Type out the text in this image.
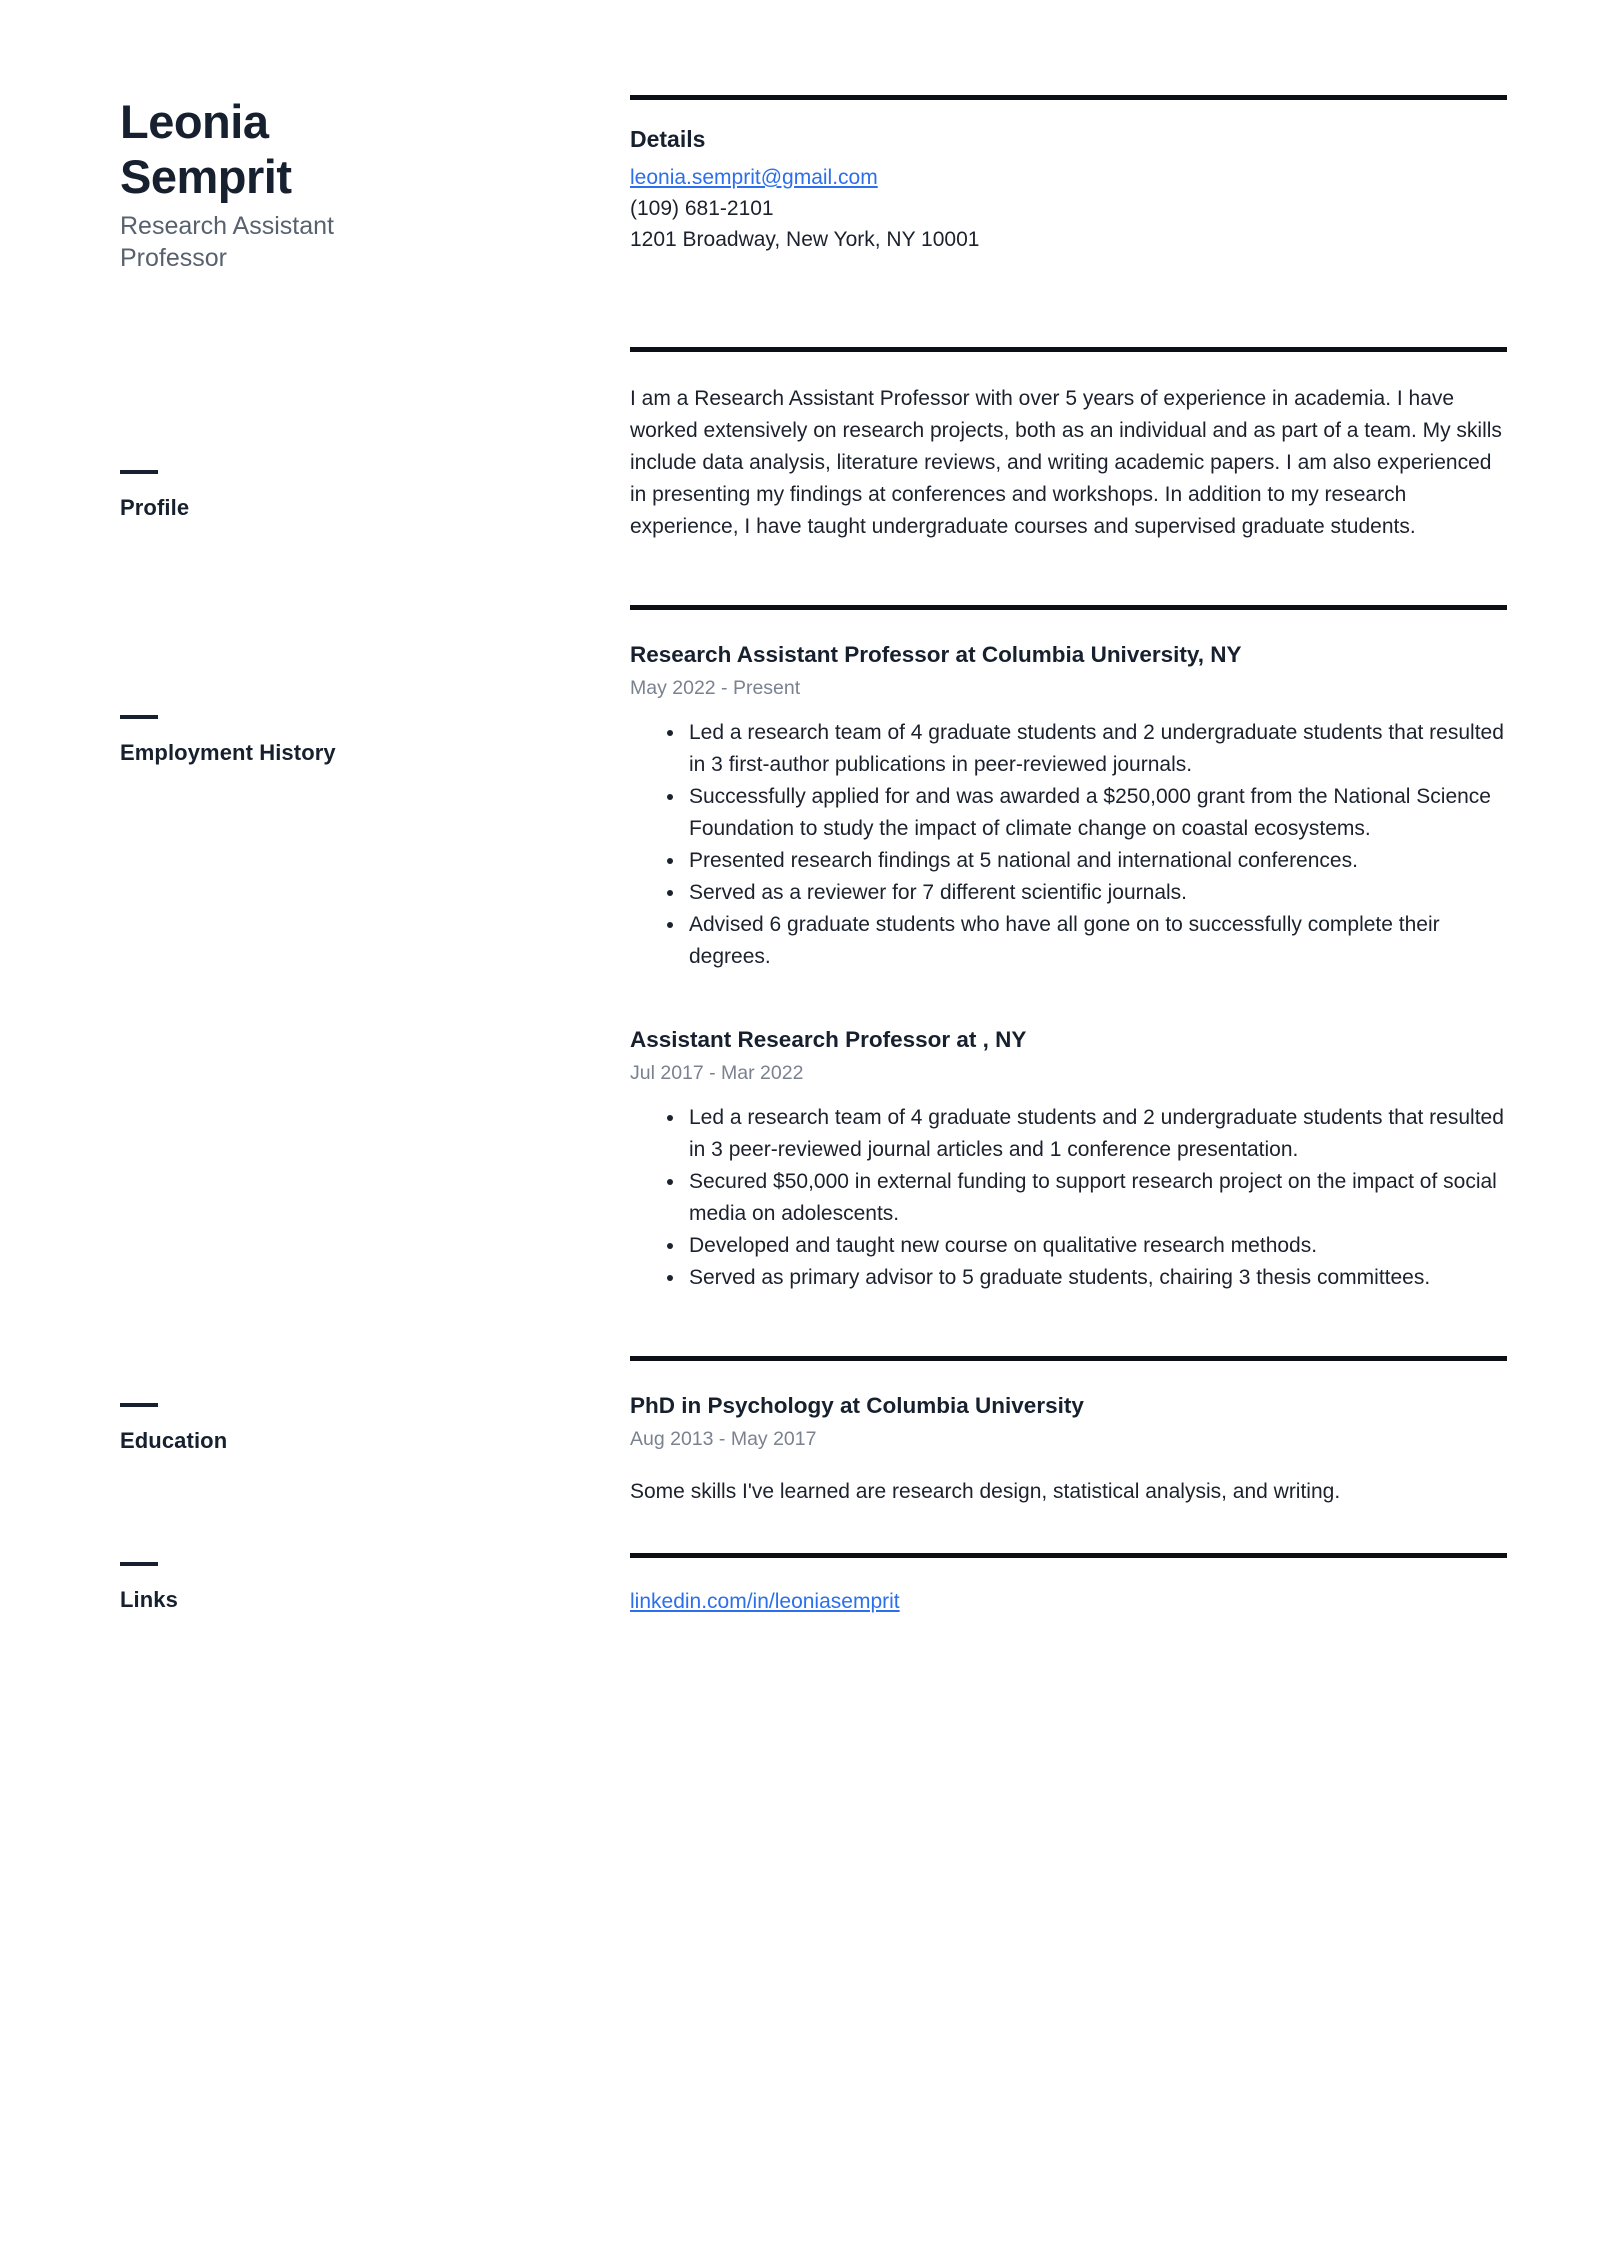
Leonia
Semprit
Research Assistant Professor
Profile
Employment History
Education
Links
Details
leonia.semprit@gmail.com
(109) 681-2101
1201 Broadway, New York, NY 10001

I am a Research Assistant Professor with over 5 years of experience in academia. I have worked extensively on research projects, both as an individual and as part of a team. My skills include data analysis, literature reviews, and writing academic papers. I am also experienced in presenting my findings at conferences and workshops. In addition to my research experience, I have taught undergraduate courses and supervised graduate students.

Research Assistant Professor at Columbia University, NY
May 2022 - Present
Led a research team of 4 graduate students and 2 undergraduate students that resulted in 3 first-author publications in peer-reviewed journals.
Successfully applied for and was awarded a $250,000 grant from the National Science Foundation to study the impact of climate change on coastal ecosystems.
Presented research findings at 5 national and international conferences.
Served as a reviewer for 7 different scientific journals.
Advised 6 graduate students who have all gone on to successfully complete their degrees.
Assistant Research Professor at , NY
Jul 2017 - Mar 2022
Led a research team of 4 graduate students and 2 undergraduate students that resulted in 3 peer-reviewed journal articles and 1 conference presentation.
Secured $50,000 in external funding to support research project on the impact of social media on adolescents.
Developed and taught new course on qualitative research methods.
Served as primary advisor to 5 graduate students, chairing 3 thesis committees.
PhD in Psychology at Columbia University
Aug 2013 - May 2017

Some skills I've learned are research design, statistical analysis, and writing.

linkedin.com/in/leoniasemprit
